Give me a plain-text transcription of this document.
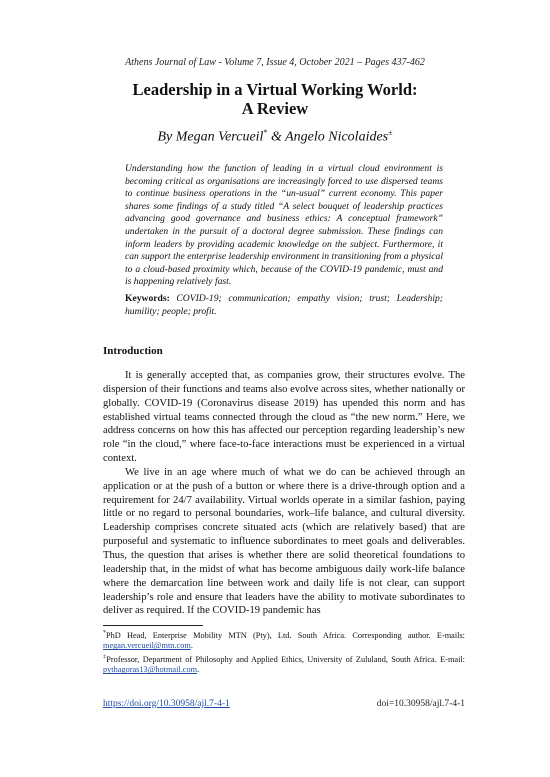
Athens Journal of Law - Volume 7, Issue 4, October 2021 – Pages 437-462
Leadership in a Virtual Working World:
A Review
By Megan Vercueil* & Angelo Nicolaides±

Understanding how the function of leading in a virtual cloud environment is becoming critical as organisations are increasingly forced to use dispersed teams to continue business operations in the “un-usual” current economy. This paper shares some findings of a study titled “A select bouquet of leadership practices advancing good governance and business ethics: A conceptual framework” undertaken in the pursuit of a doctoral degree submission. These findings can inform leaders by providing academic knowledge on the subject. Furthermore, it can support the enterprise leadership environment in transitioning from a physical to a cloud-based proximity which, because of the COVID-19 pandemic, must and is happening relatively fast.

Keywords: COVID-19; communication; empathy vision; trust; Leadership; humility; people; profit.

Introduction

It is generally accepted that, as companies grow, their structures evolve. The dispersion of their functions and teams also evolve across sites, whether nationally or globally. COVID-19 (Coronavirus disease 2019) has upended this norm and has established virtual teams connected through the cloud as “the new norm.” Here, we address concerns on how this has affected our perception regarding leadership’s new role “in the cloud,” where face-to-face interactions must be experienced in a virtual context.

We live in an age where much of what we do can be achieved through an application or at the push of a button or where there is a drive-through option and a requirement for 24/7 availability. Virtual worlds operate in a similar fashion, paying little or no regard to personal boundaries, work–life balance, and cultural diversity. Leadership comprises concrete situated acts (which are relatively based) that are purposeful and systematic to influence subordinates to meet goals and deliverables. Thus, the question that arises is whether there are solid theoretical foundations to leadership that, in the midst of what has become ambiguous daily work-life balance where the demarcation line between work and daily life is not clear, can support leadership’s role and ensure that leaders have the ability to motivate subordinates to deliver as required. If the COVID-19 pandemic has

*PhD Head, Enterprise Mobility MTN (Pty), Ltd. South Africa. Corresponding author. E-mails: megan.vercueil@mtn.com.

±Professor, Department of Philosophy and Applied Ethics, University of Zululand, South Africa. E-mail: pythagoras13@hotmail.com.

https://doi.org/10.30958/ajl.7-4-1	doi=10.30958/ajl.7-4-1
